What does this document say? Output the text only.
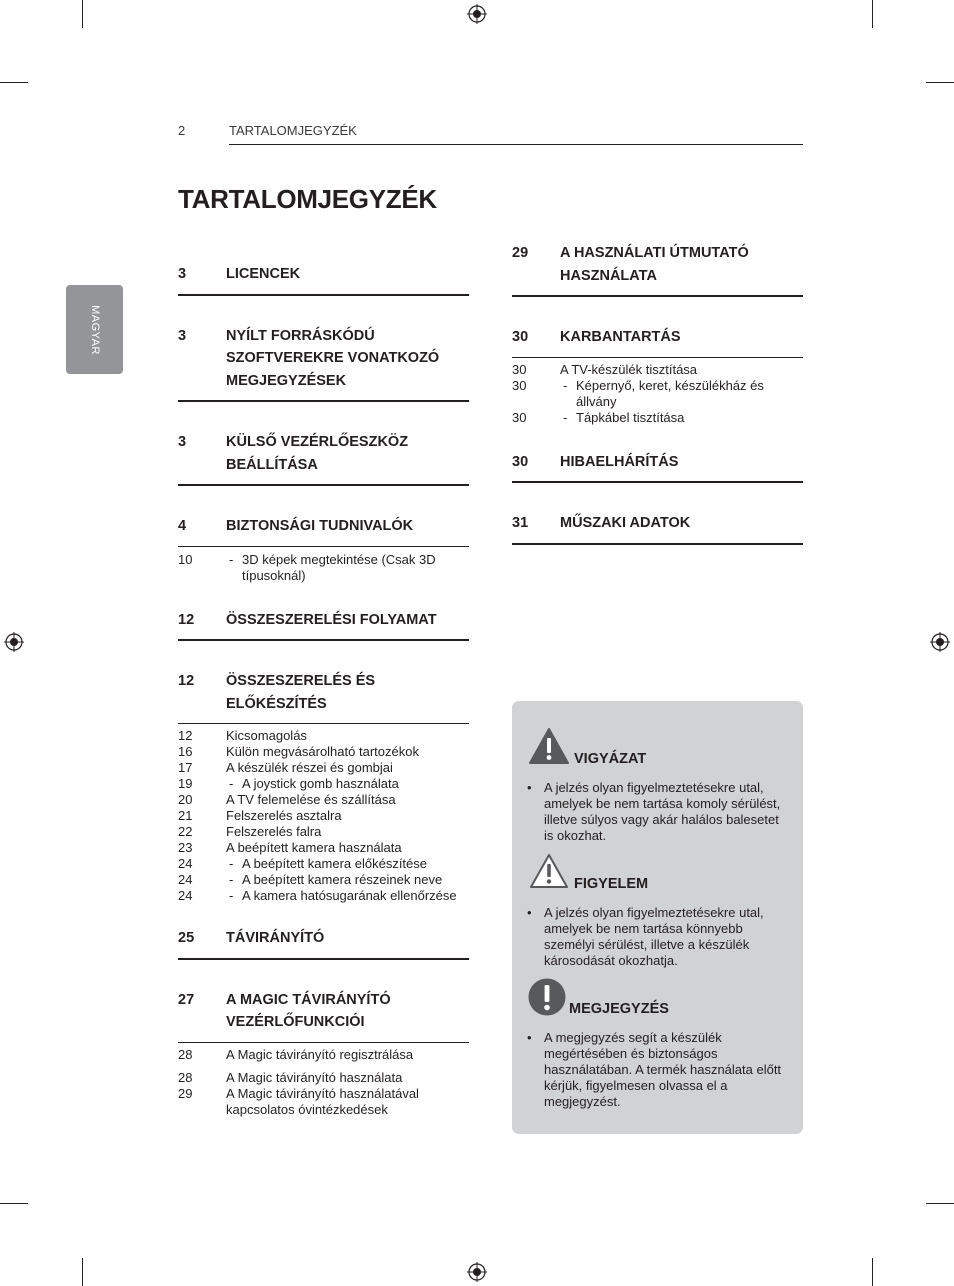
2	TARTALOMJEGYZÉK
TARTALOMJEGYZÉK
MAGYAR
3	LICENCEK
3	NYÍLT FORRÁSKÓDÚ SZOFTVEREKRE VONATKOZÓ MEGJEGYZÉSEK
3	KÜLSŐ VEZÉRLŐESZKÖZ BEÁLLÍTÁSA
4	BIZTONSÁGI TUDNIVALÓK
10	- 3D képek megtekintése (Csak 3D típusoknál)
12 ÖSSZESZERELÉSI FOLYAMAT
12 ÖSSZESZERELÉS ÉS ELŐKÉSZÍTÉS
12	Kicsomagolás
16	Külön megvásárolható tartozékok
17	A készülék részei és gombjai
19	- A joystick gomb használata
20	A TV felemelése és szállítása
21	Felszerelés asztalra
22	Felszerelés falra
23	A beépített kamera használata
24	- A beépített kamera előkészítése
24	- A beépített kamera részeinek neve
24	- A kamera hatósugarának ellenőrzése
25 TÁVIRÁNYÍTÓ
27 A MAGIC TÁVIRÁNYÍTÓ VEZÉRLŐFUNKCIÓI
28	A Magic távirányító regisztrálása
28	A Magic távirányító használata
29	A Magic távirányító használatával kapcsolatos óvintézkedések
29 A HASZNÁLATI ÚTMUTATÓ HASZNÁLATA
30 KARBANTARTÁS
30	A TV-készülék tisztítása
30	- Képernyő, keret, készülékház és állvány
30	- Tápkábel tisztítása
30 HIBAELHÁRÍTÁS
31 MŰSZAKI ADATOK
VIGYÁZAT
• A jelzés olyan figyelmeztetésekre utal, amelyek be nem tartása komoly sérülést, illetve súlyos vagy akár halálos balesetet is okozhat.
FIGYELEM
• A jelzés olyan figyelmeztetésekre utal, amelyek be nem tartása könnyebb személyi sérülést, illetve a készülék károsodását okozhatja.
MEGJEGYZÉS
• A megjegyzés segít a készülék megértésében és biztonságos használatában. A termék használata előtt kérjük, figyelmesen olvassa el a megjegyzést.
